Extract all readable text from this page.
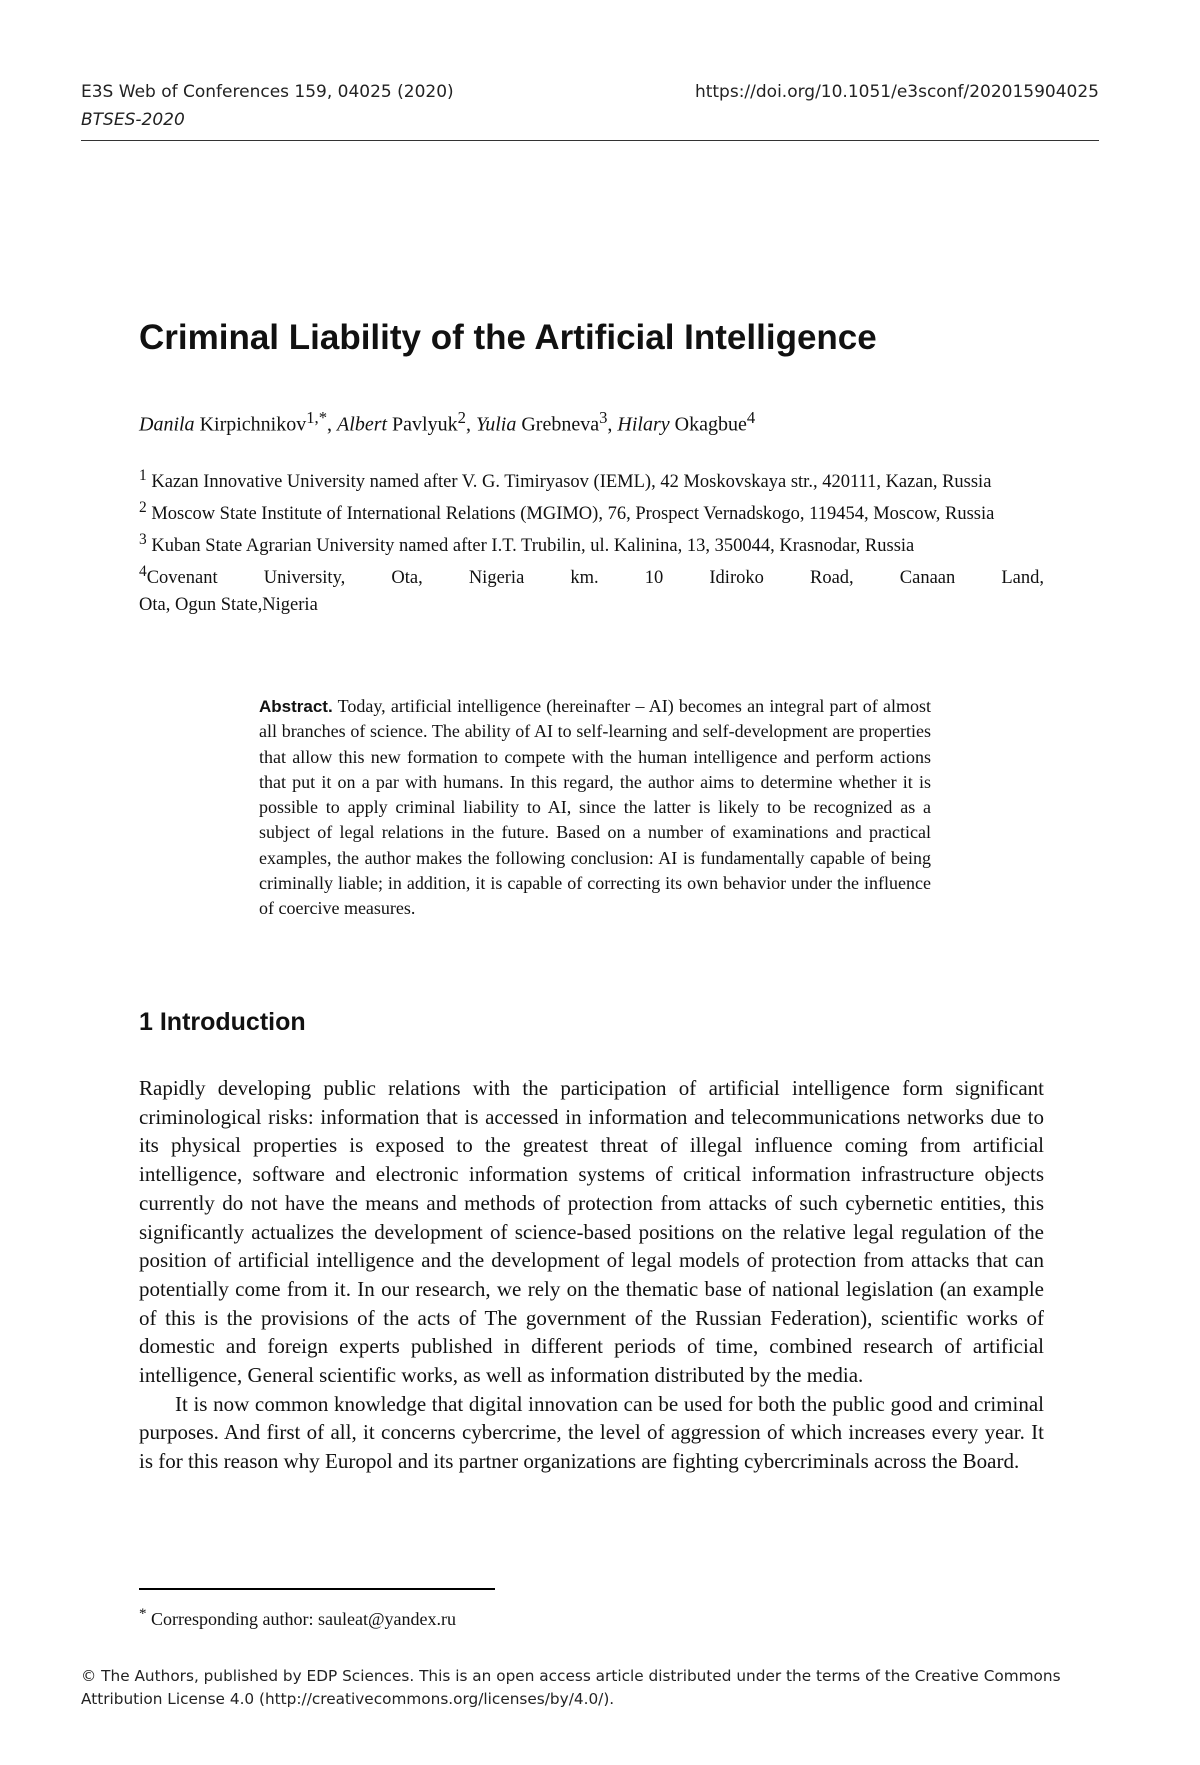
E3S Web of Conferences 159, 04025 (2020)	https://doi.org/10.1051/e3sconf/202015904025
BTSES-2020
Criminal Liability of the Artificial Intelligence
Danila Kirpichnikov$^{1,*}$, Albert Pavlyuk$^2$, Yulia Grebneva$^3$, Hilary Okagbue$^4$

$^1$ Kazan Innovative University named after V. G. Timiryasov (IEML), 42 Moskovskaya str., 420111, Kazan, Russia

$^2$ Moscow State Institute of International Relations (MGIMO), 76, Prospect Vernadskogo, 119454, Moscow, Russia

$^3$ Kuban State Agrarian University named after I.T. Trubilin, ul. Kalinina, 13, 350044, Krasnodar, Russia

$^4$Covenant University, Ota, Nigeria km. 10 Idiroko Road, Canaan Land,

Ota, Ogun State,Nigeria

Abstract. Today, artificial intelligence (hereinafter – AI) becomes an integral part of almost all branches of science. The ability of AI to self-learning and self-development are properties that allow this new formation to compete with the human intelligence and perform actions that put it on a par with humans. In this regard, the author aims to determine whether it is possible to apply criminal liability to AI, since the latter is likely to be recognized as a subject of legal relations in the future. Based on a number of examinations and practical examples, the author makes the following conclusion: AI is fundamentally capable of being criminally liable; in addition, it is capable of correcting its own behavior under the influence of coercive measures.
1 Introduction

Rapidly developing public relations with the participation of artificial intelligence form significant criminological risks: information that is accessed in information and telecommunications networks due to its physical properties is exposed to the greatest threat of illegal influence coming from artificial intelligence, software and electronic information systems of critical information infrastructure objects currently do not have the means and methods of protection from attacks of such cybernetic entities, this significantly actualizes the development of science-based positions on the relative legal regulation of the position of artificial intelligence and the development of legal models of protection from attacks that can potentially come from it. In our research, we rely on the thematic base of national legislation (an example of this is the provisions of the acts of The government of the Russian Federation), scientific works of domestic and foreign experts published in different periods of time, combined research of artificial intelligence, General scientific works, as well as information distributed by the media.

It is now common knowledge that digital innovation can be used for both the public good and criminal purposes. And first of all, it concerns cybercrime, the level of aggression of which increases every year. It is for this reason why Europol and its partner organizations are fighting cybercriminals across the Board.

* Corresponding author: sauleat@yandex.ru

© The Authors, published by EDP Sciences. This is an open access article distributed under the terms of the Creative Commons

Attribution License 4.0 (http://creativecommons.org/licenses/by/4.0/).
